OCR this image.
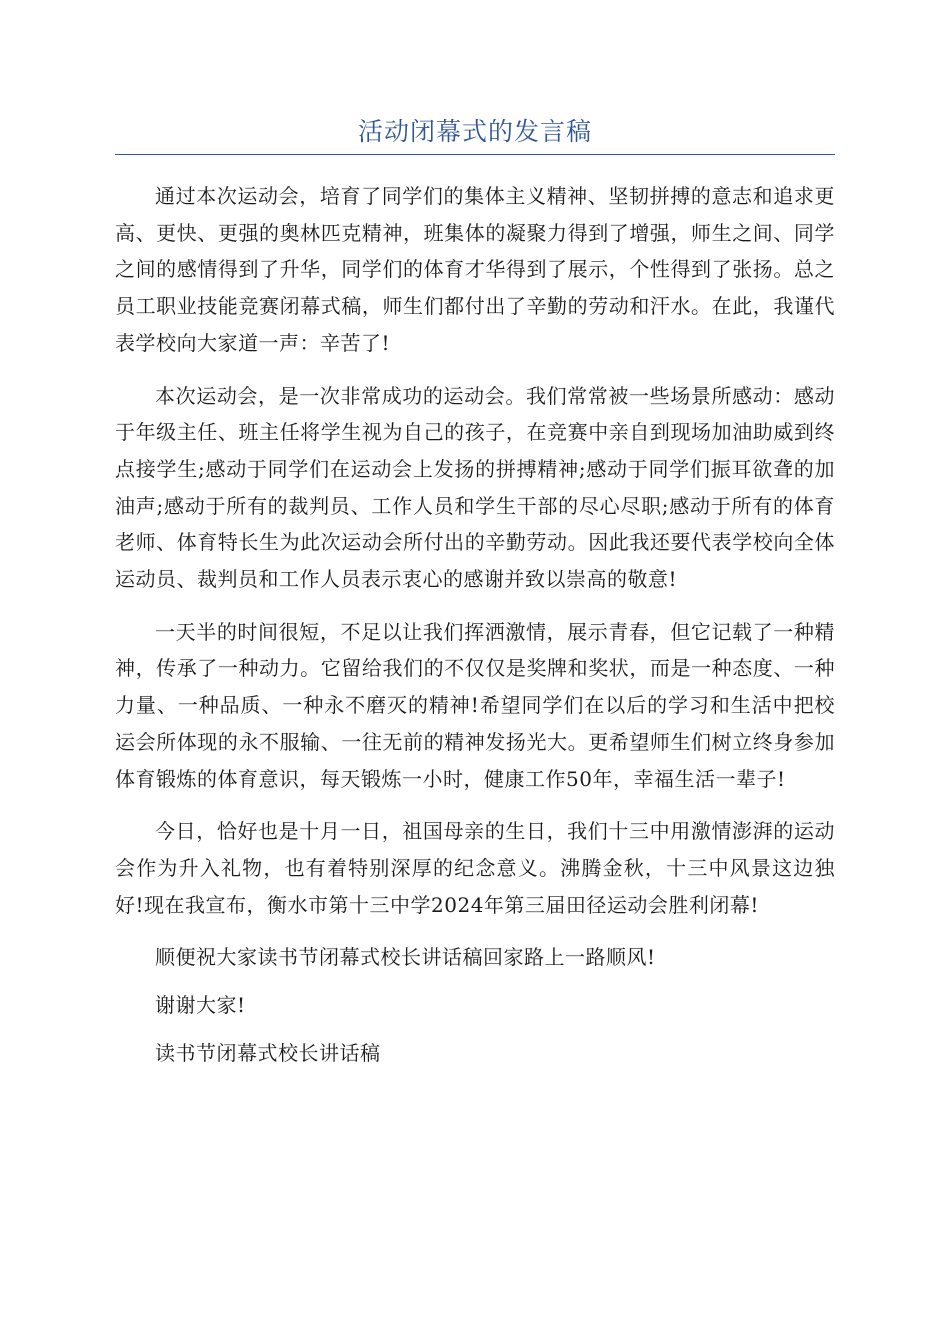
活动闭幕式的发言稿

通过本次运动会，培育了同学们的集体主义精神、坚韧拼搏的意志和追求更高、更快、更强的奥林匹克精神，班集体的凝聚力得到了增强，师生之间、同学之间的感情得到了升华，同学们的体育才华得到了展示，个性得到了张扬。总之员工职业技能竞赛闭幕式稿，师生们都付出了辛勤的劳动和汗水。在此，我谨代表学校向大家道一声：辛苦了!

本次运动会，是一次非常成功的运动会。我们常常被一些场景所感动：感动于年级主任、班主任将学生视为自己的孩子，在竞赛中亲自到现场加油助威到终点接学生;感动于同学们在运动会上发扬的拼搏精神;感动于同学们振耳欲聋的加油声;感动于所有的裁判员、工作人员和学生干部的尽心尽职;感动于所有的体育老师、体育特长生为此次运动会所付出的辛勤劳动。因此我还要代表学校向全体运动员、裁判员和工作人员表示衷心的感谢并致以崇高的敬意!

一天半的时间很短，不足以让我们挥洒激情，展示青春，但它记载了一种精神，传承了一种动力。它留给我们的不仅仅是奖牌和奖状，而是一种态度、一种力量、一种品质、一种永不磨灭的精神!希望同学们在以后的学习和生活中把校运会所体现的永不服输、一往无前的精神发扬光大。更希望师生们树立终身参加体育锻炼的体育意识，每天锻炼一小时，健康工作50年，幸福生活一辈子!

今日，恰好也是十月一日，祖国母亲的生日，我们十三中用激情澎湃的运动会作为升入礼物，也有着特别深厚的纪念意义。沸腾金秋，十三中风景这边独好!现在我宣布，衡水市第十三中学2024年第三届田径运动会胜利闭幕!

顺便祝大家读书节闭幕式校长讲话稿回家路上一路顺风!

谢谢大家!

读书节闭幕式校长讲话稿
